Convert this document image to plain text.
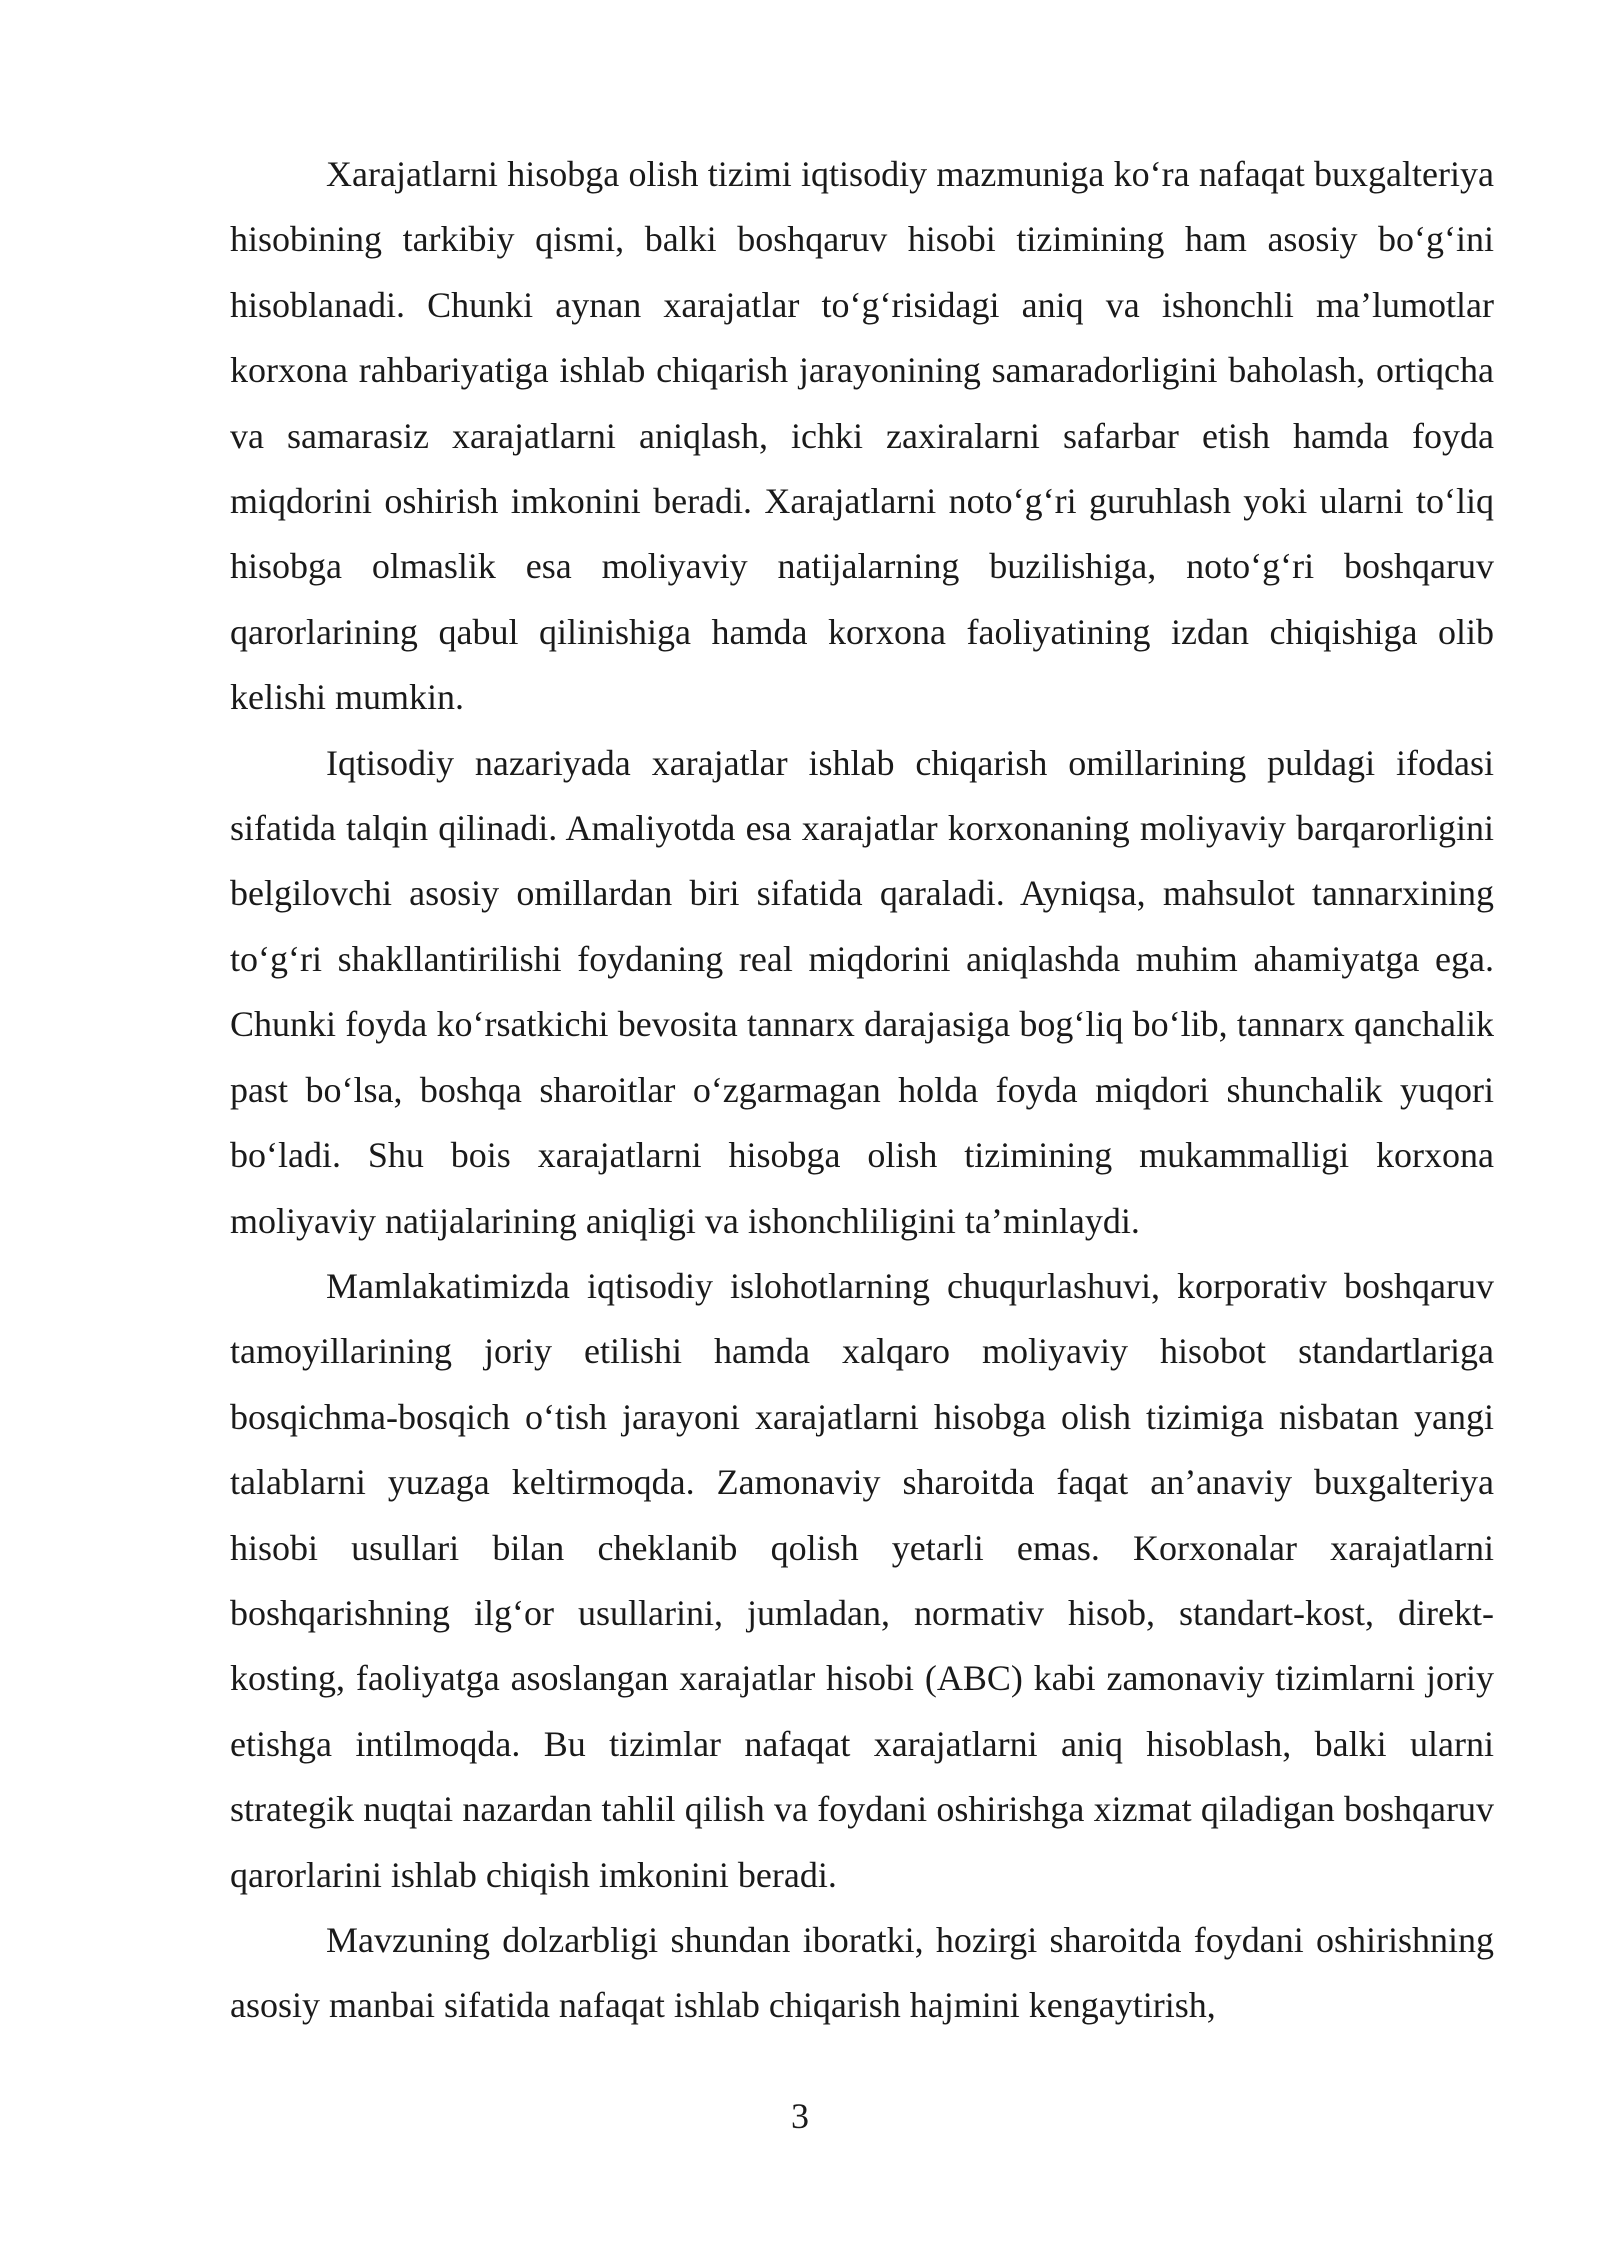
Xarajatlarni hisobga olish tizimi iqtisodiy mazmuniga koʻra nafaqat buxgalteriya hisobining tarkibiy qismi, balki boshqaruv hisobi tizimining ham asosiy boʻgʻini hisoblanadi. Chunki aynan xarajatlar toʻgʻrisidagi aniq va ishonchli ma’lumotlar korxona rahbariyatiga ishlab chiqarish jarayonining samaradorligini baholash, ortiqcha va samarasiz xarajatlarni aniqlash, ichki zaxiralarni safarbar etish hamda foyda miqdorini oshirish imkonini beradi. Xarajatlarni notoʻgʻri guruhlash yoki ularni toʻliq hisobga olmaslik esa moliyaviy natijalarning buzilishiga, notoʻgʻri boshqaruv qarorlarining qabul qilinishiga hamda korxona faoliyatining izdan chiqishiga olib kelishi mumkin.

Iqtisodiy nazariyada xarajatlar ishlab chiqarish omillarining puldagi ifodasi sifatida talqin qilinadi. Amaliyotda esa xarajatlar korxonaning moliyaviy barqarorligini belgilovchi asosiy omillardan biri sifatida qaraladi. Ayniqsa, mahsulot tannarxining toʻgʻri shakllantirilishi foydaning real miqdorini aniqlashda muhim ahamiyatga ega. Chunki foyda koʻrsatkichi bevosita tannarx darajasiga bogʻliq boʻlib, tannarx qanchalik past boʻlsa, boshqa sharoitlar oʻzgarmagan holda foyda miqdori shunchalik yuqori boʻladi. Shu bois xarajatlarni hisobga olish tizimining mukammalligi korxona moliyaviy natijalarining aniqligi va ishonchliligini ta’minlaydi.

Mamlakatimizda iqtisodiy islohotlarning chuqurlashuvi, korporativ boshqaruv tamoyillarining joriy etilishi hamda xalqaro moliyaviy hisobot standartlariga bosqichma-bosqich oʻtish jarayoni xarajatlarni hisobga olish tizimiga nisbatan yangi talablarni yuzaga keltirmoqda. Zamonaviy sharoitda faqat an’anaviy buxgalteriya hisobi usullari bilan cheklanib qolish yetarli emas. Korxonalar xarajatlarni boshqarishning ilgʻor usullarini, jumladan, normativ hisob, standart-kost, direkt-kosting, faoliyatga asoslangan xarajatlar hisobi (ABC) kabi zamonaviy tizimlarni joriy etishga intilmoqda. Bu tizimlar nafaqat xarajatlarni aniq hisoblash, balki ularni strategik nuqtai nazardan tahlil qilish va foydani oshirishga xizmat qiladigan boshqaruv qarorlarini ishlab chiqish imkonini beradi.

Mavzuning dolzarbligi shundan iboratki, hozirgi sharoitda foydani oshirishning asosiy manbai sifatida nafaqat ishlab chiqarish hajmini kengaytirish,

3
